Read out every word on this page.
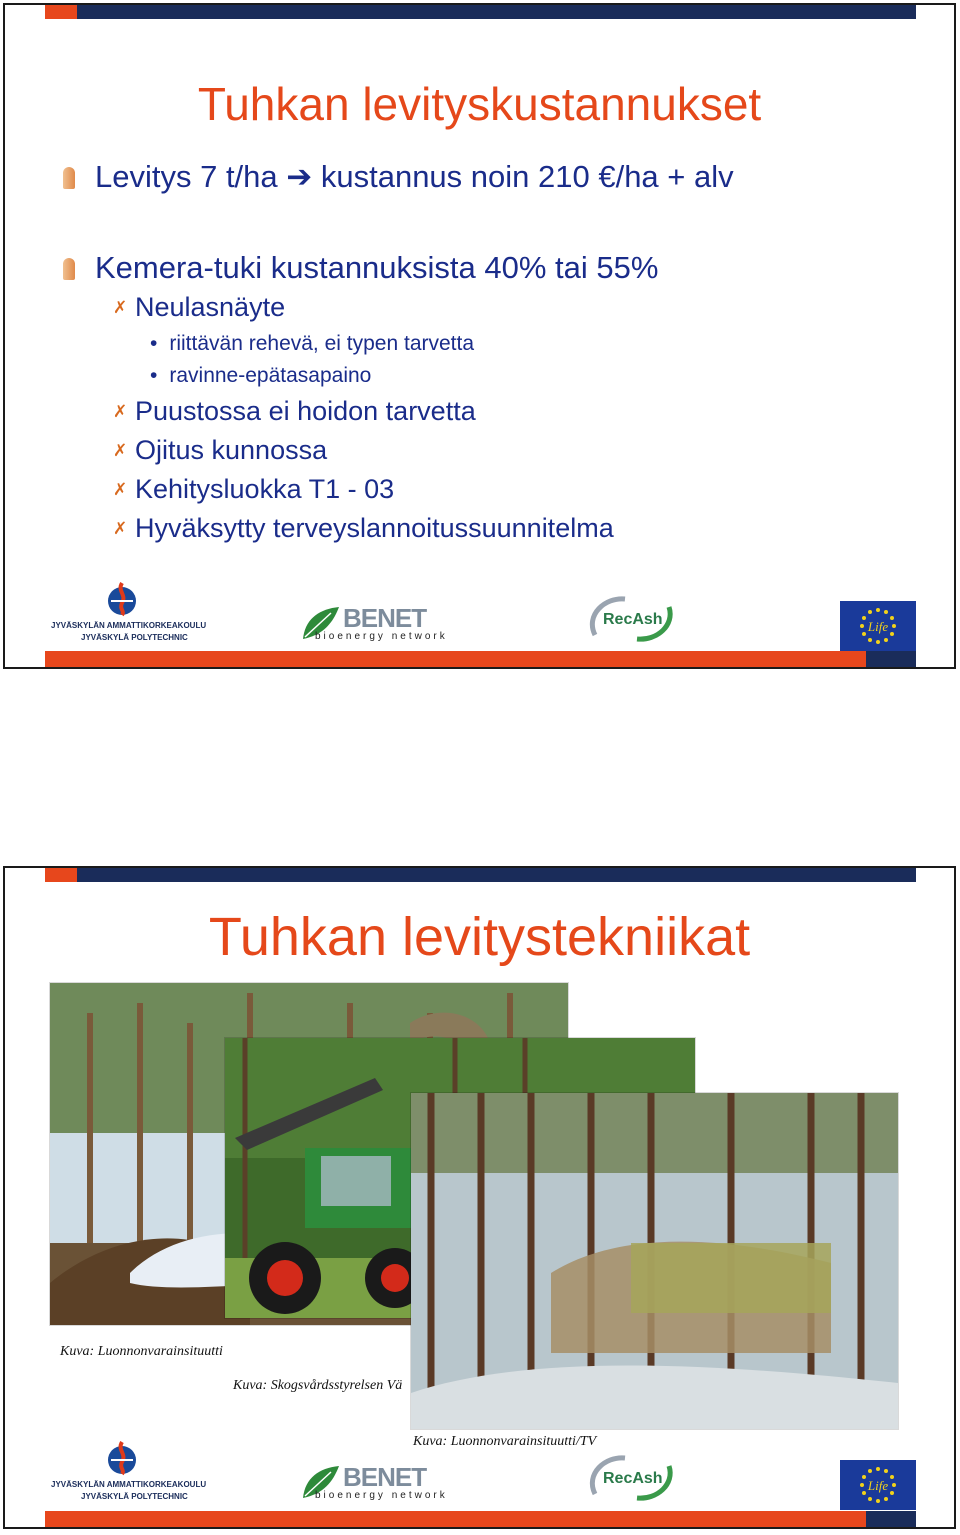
Tuhkan levityskustannukset
Levitys 7 t/ha ➔ kustannus noin 210 €/ha + alv
Kemera-tuki kustannuksista 40% tai 55%
✗ Neulasnäyte
• riittävän rehevä, ei typen tarvetta
• ravinne-epätasapaino
✗ Puustossa ei hoidon tarvetta
✗ Ojitus kunnossa
✗ Kehitysluokka T1 - 03
✗ Hyväksytty terveyslannoitussuunnitelma
JYVÄSKYLÄN AMMATTIKORKEAKOULU
JYVÄSKYLÄ POLYTECHNIC
BENET
bioenergy network
RecAsh	Life
Tuhkan levitystekniikat
Kuva: Luonnonvarainsituutti
Kuva: Skogsvårdsstyrelsen Vä
Kuva: Luonnonvarainsituutti/TV
JYVÄSKYLÄN AMMATTIKORKEAKOULU
JYVÄSKYLÄ POLYTECHNIC
BENET
bioenergy network
RecAsh	Life
